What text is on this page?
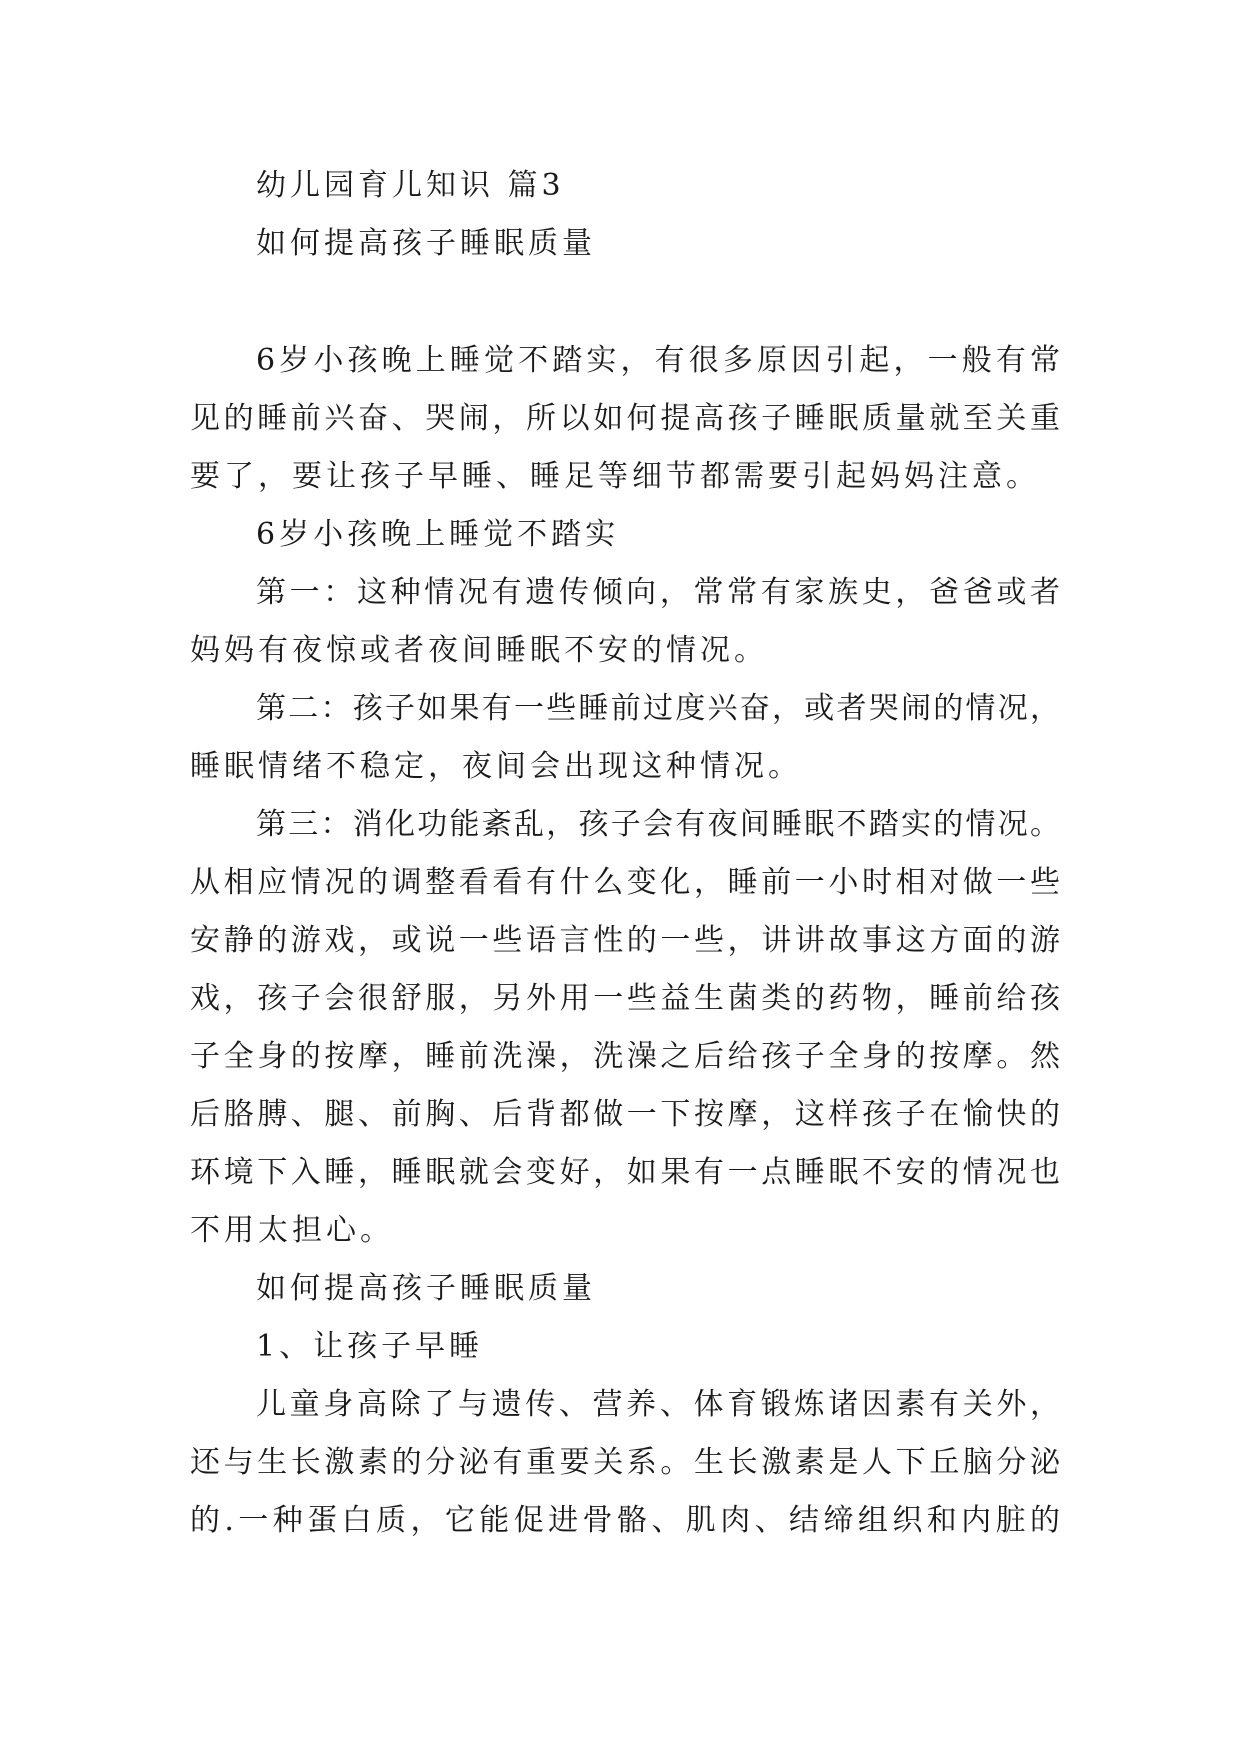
幼儿园育儿知识 篇3
如何提高孩子睡眠质量
6岁小孩晚上睡觉不踏实，有很多原因引起，一般有常
见的睡前兴奋、哭闹，所以如何提高孩子睡眠质量就至关重
要了，要让孩子早睡、睡足等细节都需要引起妈妈注意。
6岁小孩晚上睡觉不踏实
第一：这种情况有遗传倾向，常常有家族史，爸爸或者
妈妈有夜惊或者夜间睡眠不安的情况。
第二：孩子如果有一些睡前过度兴奋，或者哭闹的情况，
睡眠情绪不稳定，夜间会出现这种情况。
第三：消化功能紊乱，孩子会有夜间睡眠不踏实的情况。
从相应情况的调整看看有什么变化，睡前一小时相对做一些
安静的游戏，或说一些语言性的一些，讲讲故事这方面的游
戏，孩子会很舒服，另外用一些益生菌类的药物，睡前给孩
子全身的按摩，睡前洗澡，洗澡之后给孩子全身的按摩。然
后胳膊、腿、前胸、后背都做一下按摩，这样孩子在愉快的
环境下入睡，睡眠就会变好，如果有一点睡眠不安的情况也
不用太担心。
如何提高孩子睡眠质量
1、让孩子早睡
儿童身高除了与遗传、营养、体育锻炼诸因素有关外，
还与生长激素的分泌有重要关系。生长激素是人下丘脑分泌
的.一种蛋白质，它能促进骨骼、肌肉、结缔组织和内脏的
